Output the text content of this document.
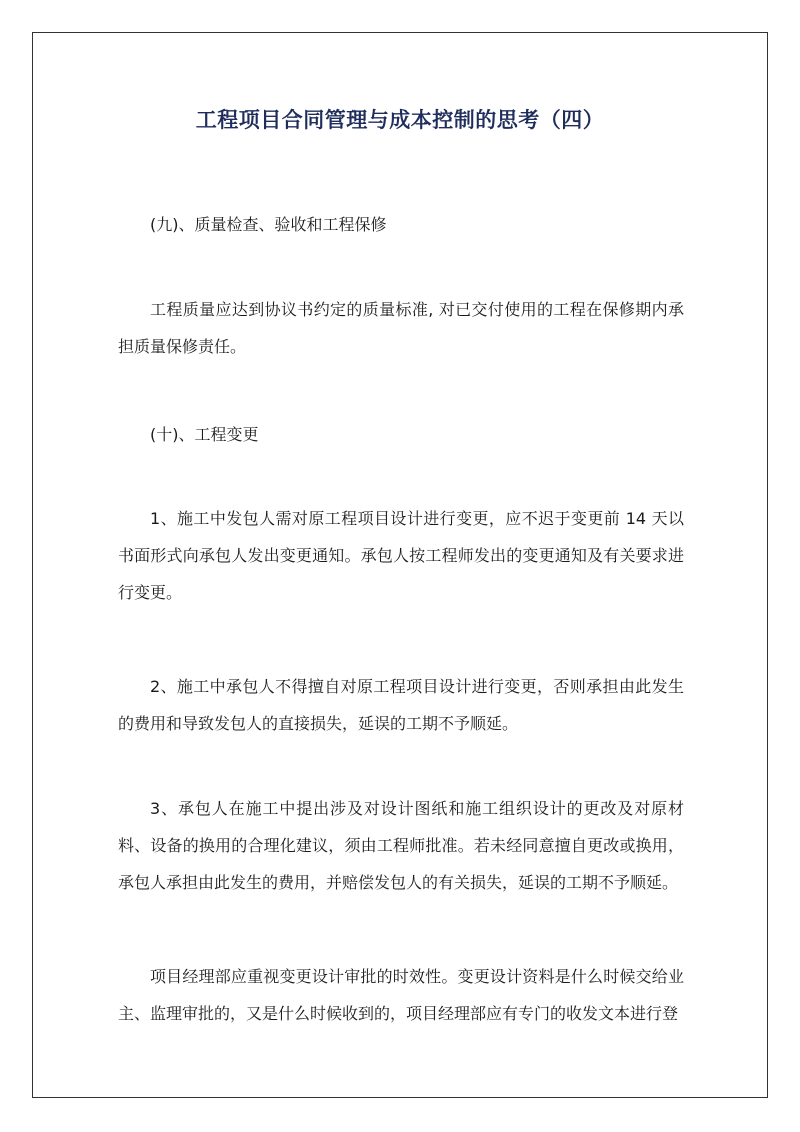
工程项目合同管理与成本控制的思考（四）

(九)、质量检查、验收和工程保修

工程质量应达到协议书约定的质量标准, 对已交付使用的工程在保修期内承担质量保修责任。

(十)、工程变更

1、施工中发包人需对原工程项目设计进行变更，应不迟于变更前 14 天以书面形式向承包人发出变更通知。承包人按工程师发出的变更通知及有关要求进行变更。

2、施工中承包人不得擅自对原工程项目设计进行变更，否则承担由此发生的费用和导致发包人的直接损失，延误的工期不予顺延。

3、承包人在施工中提出涉及对设计图纸和施工组织设计的更改及对原材料、设备的换用的合理化建议，须由工程师批准。若未经同意擅自更改或换用，承包人承担由此发生的费用，并赔偿发包人的有关损失，延误的工期不予顺延。

项目经理部应重视变更设计审批的时效性。变更设计资料是什么时候交给业主、监理审批的，又是什么时候收到的，项目经理部应有专门的收发文本进行登
